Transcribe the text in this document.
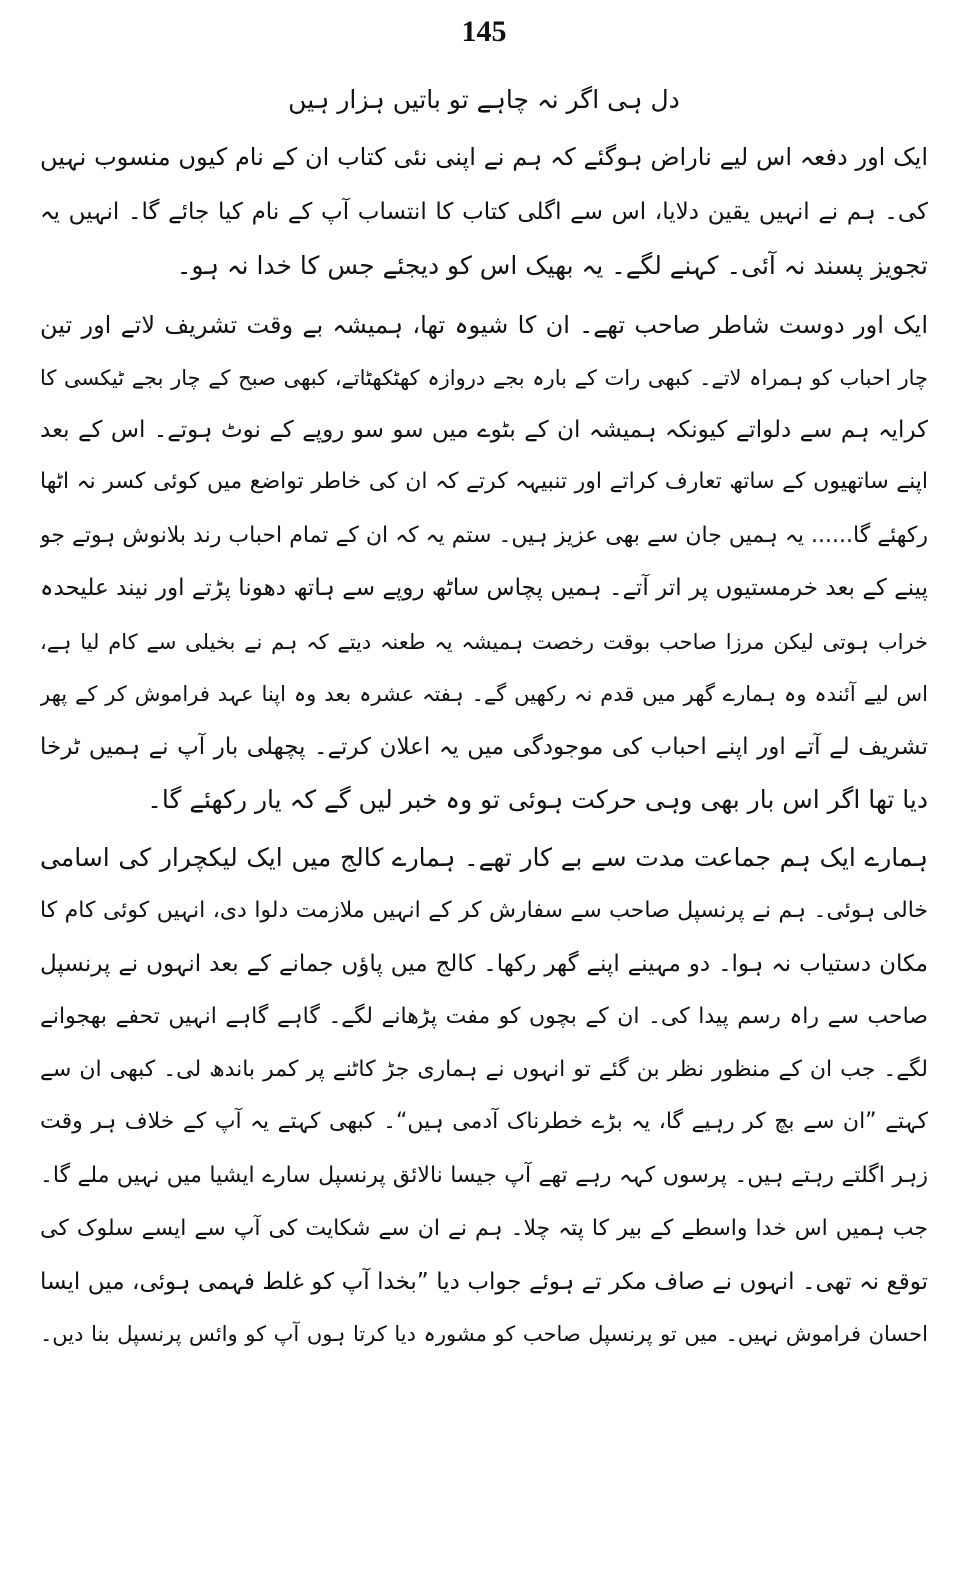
145
دل ہی اگر نہ چاہے تو باتیں ہزار ہیں
ایک اور دفعہ اس لیے ناراض ہوگئے کہ ہم نے اپنی نئی کتاب ان کے نام کیوں منسوب نہیں
کی۔ ہم نے انہیں یقین دلایا، اس سے اگلی کتاب کا انتساب آپ کے نام کیا جائے گا۔ انہیں یہ
تجویز پسند نہ آئی۔ کہنے لگے۔ یہ بھیک اس کو دیجئے جس کا خدا نہ ہو۔
ایک اور دوست شاطر صاحب تھے۔ ان کا شیوہ تھا، ہمیشہ بے وقت تشریف لاتے اور تین
چار احباب کو ہمراہ لاتے۔ کبھی رات کے بارہ بجے دروازہ کھٹکھٹاتے، کبھی صبح کے چار بجے ٹیکسی کا
کرایہ ہم سے دلواتے کیونکہ ہمیشہ ان کے بٹوے میں سو سو روپے کے نوٹ ہوتے۔ اس کے بعد
اپنے ساتھیوں کے ساتھ تعارف کراتے اور تنبیہہ کرتے کہ ان کی خاطر تواضع میں کوئی کسر نہ اٹھا
رکھئے گا...... یہ ہمیں جان سے بھی عزیز ہیں۔ ستم یہ کہ ان کے تمام احباب رند بلانوش ہوتے جو
پینے کے بعد خرمستیوں پر اتر آتے۔ ہمیں پچاس ساٹھ روپے سے ہاتھ دھونا پڑتے اور نیند علیحدہ
خراب ہوتی لیکن مرزا صاحب بوقت رخصت ہمیشہ یہ طعنہ دیتے کہ ہم نے بخیلی سے کام لیا ہے،
اس لیے آئندہ وہ ہمارے گھر میں قدم نہ رکھیں گے۔ ہفتہ عشرہ بعد وہ اپنا عہد فراموش کر کے پھر
تشریف لے آتے اور اپنے احباب کی موجودگی میں یہ اعلان کرتے۔ پچھلی بار آپ نے ہمیں ٹرخا
دیا تھا اگر اس بار بھی وہی حرکت ہوئی تو وہ خبر لیں گے کہ یار رکھئے گا۔
ہمارے ایک ہم جماعت مدت سے بے کار تھے۔ ہمارے کالج میں ایک لیکچرار کی اسامی
خالی ہوئی۔ ہم نے پرنسپل صاحب سے سفارش کر کے انہیں ملازمت دلوا دی، انہیں کوئی کام کا
مکان دستیاب نہ ہوا۔ دو مہینے اپنے گھر رکھا۔ کالج میں پاؤں جمانے کے بعد انہوں نے پرنسپل
صاحب سے راہ رسم پیدا کی۔ ان کے بچوں کو مفت پڑھانے لگے۔ گاہے گاہے انہیں تحفے بھجوانے
لگے۔ جب ان کے منظور نظر بن گئے تو انہوں نے ہماری جڑ کاٹنے پر کمر باندھ لی۔ کبھی ان سے
کہتے ”ان سے بچ کر رہیے گا، یہ بڑے خطرناک آدمی ہیں“۔ کبھی کہتے یہ آپ کے خلاف ہر وقت
زہر اگلتے رہتے ہیں۔ پرسوں کہہ رہے تھے آپ جیسا نالائق پرنسپل سارے ایشیا میں نہیں ملے گا۔
جب ہمیں اس خدا واسطے کے بیر کا پتہ چلا۔ ہم نے ان سے شکایت کی آپ سے ایسے سلوک کی
توقع نہ تھی۔ انہوں نے صاف مکر تے ہوئے جواب دیا ”بخدا آپ کو غلط فہمی ہوئی، میں ایسا
احسان فراموش نہیں۔ میں تو پرنسپل صاحب کو مشورہ دیا کرتا ہوں آپ کو وائس پرنسپل بنا دیں۔
